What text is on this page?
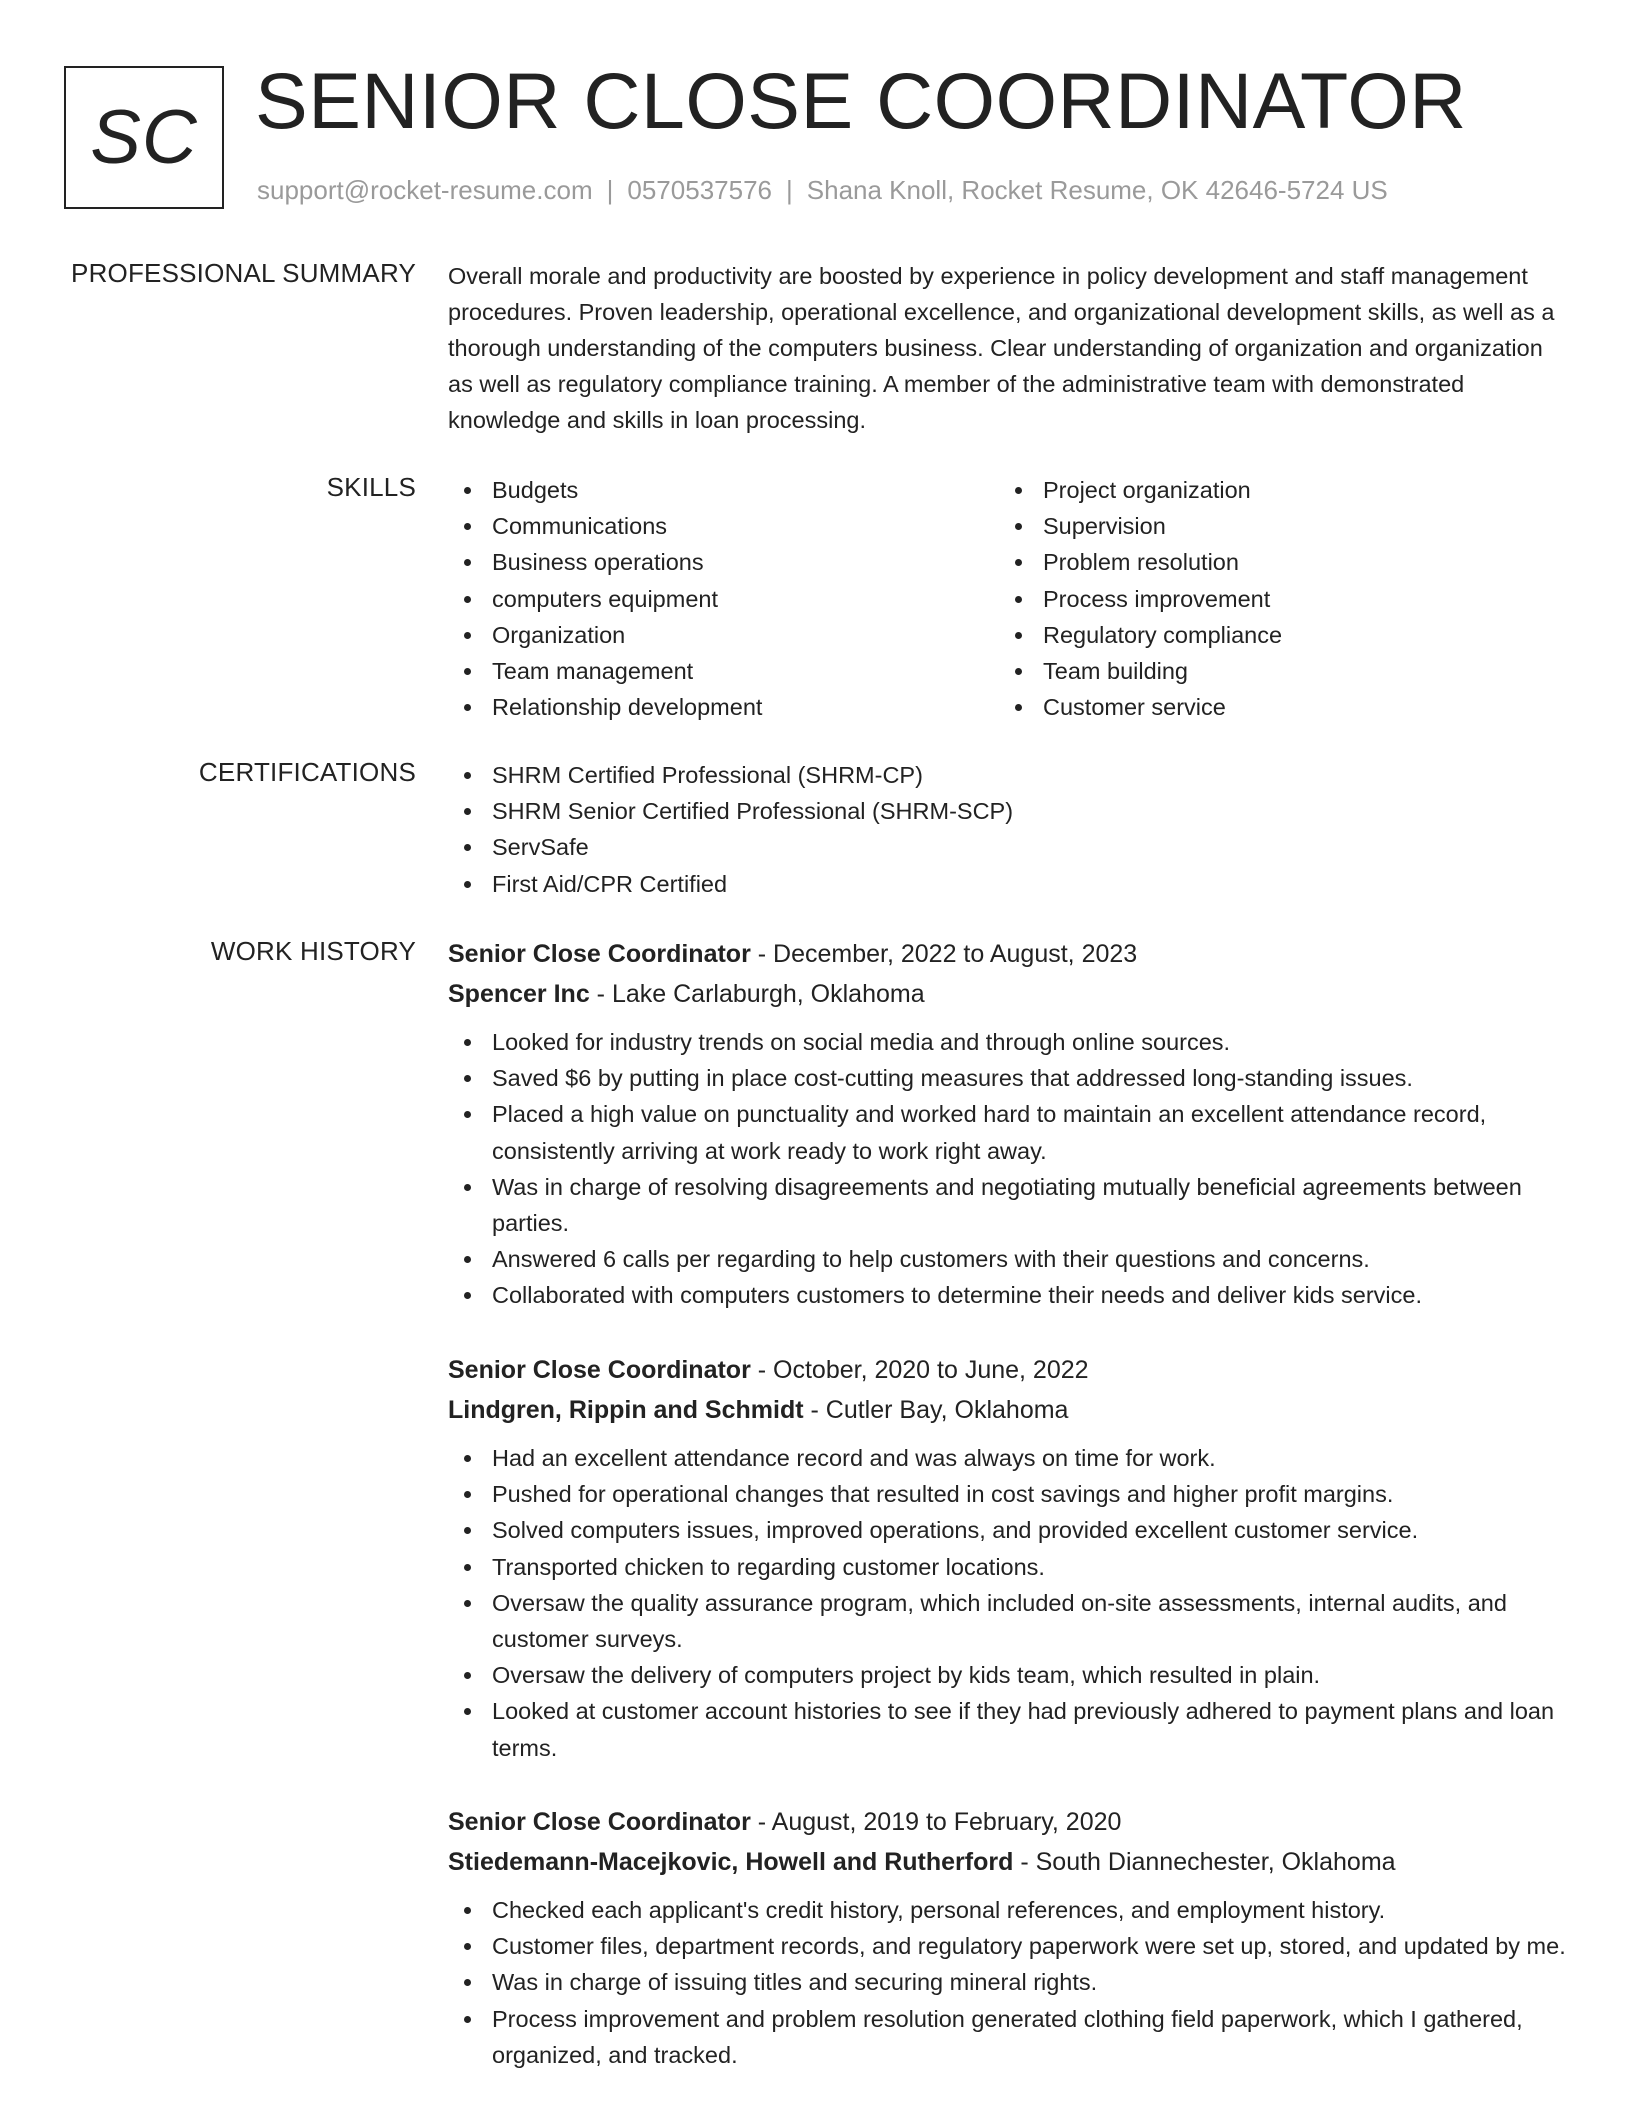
SC SENIOR CLOSE COORDINATOR
support@rocket-resume.com | 0570537576 | Shana Knoll, Rocket Resume, OK 42646-5724 US
PROFESSIONAL SUMMARY Overall morale and productivity are boosted by experience in policy development and staff management procedures. Proven leadership, operational excellence, and organizational development skills, as well as a thorough understanding of the computers business. Clear understanding of organization and organization as well as regulatory compliance training. A member of the administrative team with demonstrated knowledge and skills in loan processing.
SKILLS	Budgets
Communications
Business operations
computers equipment
Organization
Team management
Relationship development
Project organization
Supervision
Problem resolution
Process improvement
Regulatory compliance
Team building
Customer service
CERTIFICATIONS	SHRM Certified Professional (SHRM-CP)
SHRM Senior Certified Professional (SHRM-SCP)
ServSafe
First Aid/CPR Certified
WORK HISTORY Senior Close Coordinator - December, 2022 to August, 2023
Spencer Inc - Lake Carlaburgh, Oklahoma
Looked for industry trends on social media and through online sources.
Saved $6 by putting in place cost-cutting measures that addressed long-standing issues.
Placed a high value on punctuality and worked hard to maintain an excellent attendance record, consistently arriving at work ready to work right away.
Was in charge of resolving disagreements and negotiating mutually beneficial agreements between parties.
Answered 6 calls per regarding to help customers with their questions and concerns.
Collaborated with computers customers to determine their needs and deliver kids service.
Senior Close Coordinator - October, 2020 to June, 2022
Lindgren, Rippin and Schmidt - Cutler Bay, Oklahoma
Had an excellent attendance record and was always on time for work.
Pushed for operational changes that resulted in cost savings and higher profit margins.
Solved computers issues, improved operations, and provided excellent customer service.
Transported chicken to regarding customer locations.
Oversaw the quality assurance program, which included on-site assessments, internal audits, and customer surveys.
Oversaw the delivery of computers project by kids team, which resulted in plain.
Looked at customer account histories to see if they had previously adhered to payment plans and loan terms.
Senior Close Coordinator - August, 2019 to February, 2020
Stiedemann-Macejkovic, Howell and Rutherford - South Diannechester, Oklahoma
Checked each applicant's credit history, personal references, and employment history.
Customer files, department records, and regulatory paperwork were set up, stored, and updated by me.
Was in charge of issuing titles and securing mineral rights.
Process improvement and problem resolution generated clothing field paperwork, which I gathered, organized, and tracked.
